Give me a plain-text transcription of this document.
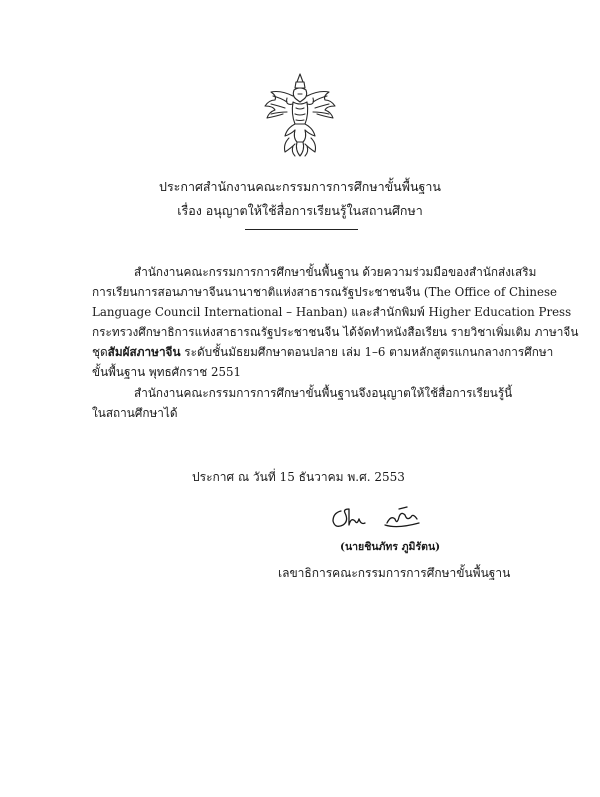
ประกาศสำนักงานคณะกรรมการการศึกษาขั้นพื้นฐาน
เรื่อง อนุญาตให้ใช้สื่อการเรียนรู้ในสถานศึกษา
สำนักงานคณะกรรมการการศึกษาขั้นพื้นฐาน ด้วยความร่วมมือของสำนักส่งเสริม
การเรียนการสอนภาษาจีนนานาชาติแห่งสาธารณรัฐประชาชนจีน (The Office of Chinese
Language Council International – Hanban) และสำนักพิมพ์ Higher Education Press
กระทรวงศึกษาธิการแห่งสาธารณรัฐประชาชนจีน ได้จัดทำหนังสือเรียน รายวิชาเพิ่มเติม ภาษาจีน
ชุดสัมผัสภาษาจีน ระดับชั้นมัธยมศึกษาตอนปลาย เล่ม 1–6 ตามหลักสูตรแกนกลางการศึกษา
ขั้นพื้นฐาน พุทธศักราช 2551
สำนักงานคณะกรรมการการศึกษาขั้นพื้นฐานจึงอนุญาตให้ใช้สื่อการเรียนรู้นี้
ในสถานศึกษาได้
ประกาศ ณ วันที่ 15 ธันวาคม พ.ศ. 2553
(นายชินภัทร ภูมิรัตน)
เลขาธิการคณะกรรมการการศึกษาขั้นพื้นฐาน
